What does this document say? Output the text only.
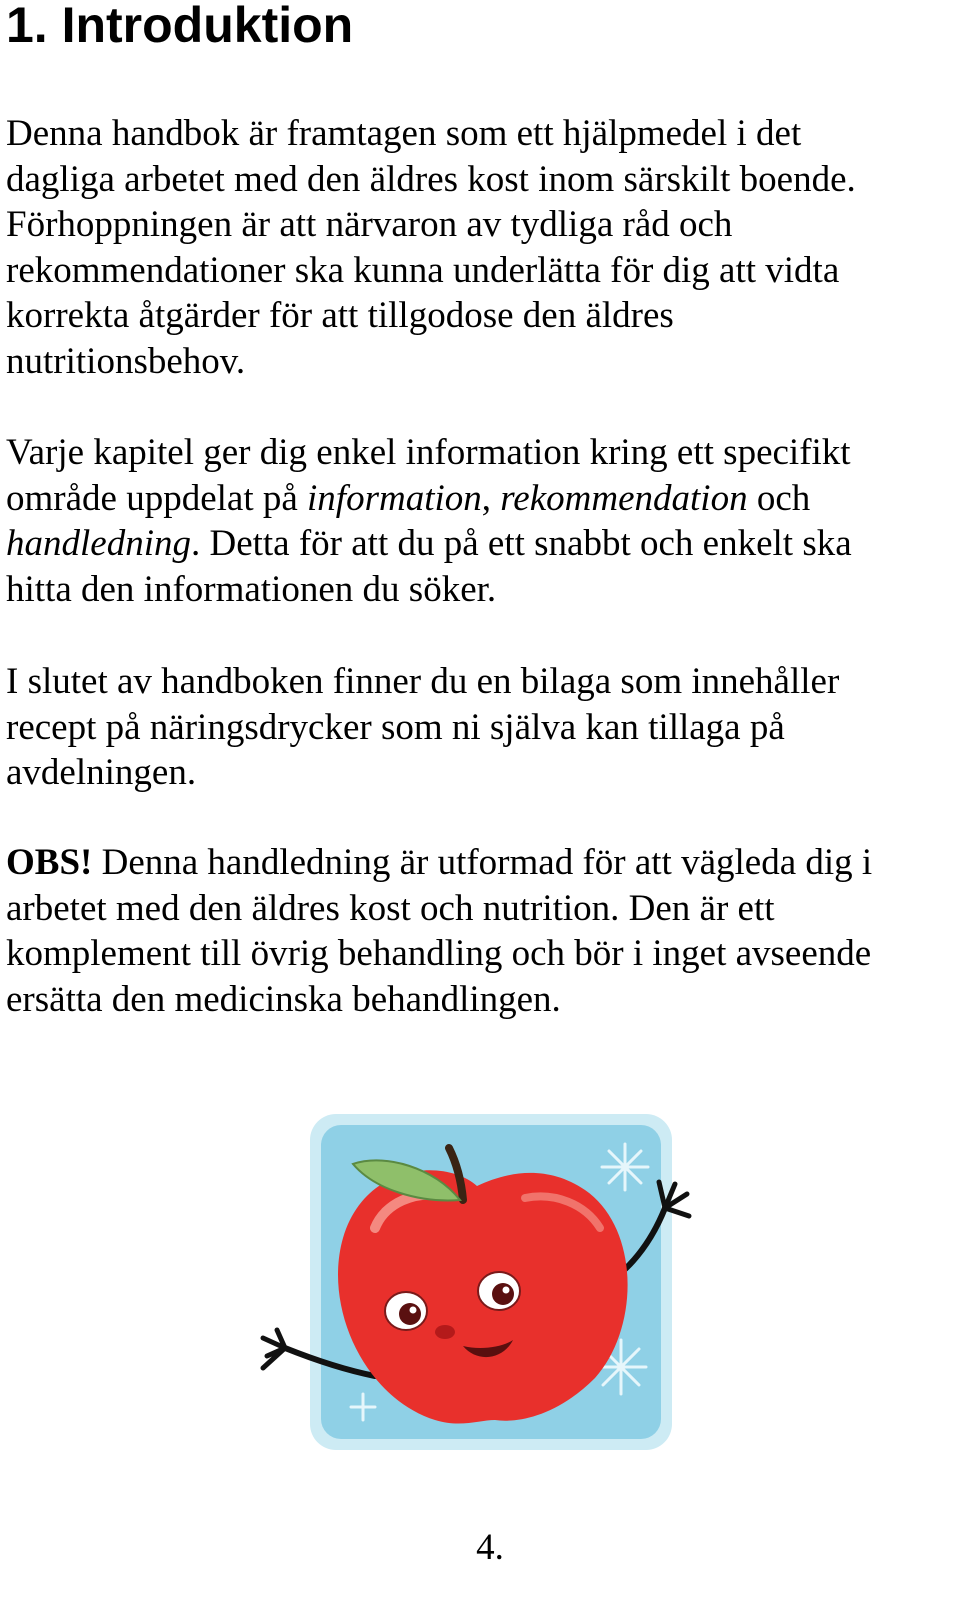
1. Introduktion

Denna handbok är framtagen som ett hjälpmedel i det
dagliga arbetet med den äldres kost inom särskilt boende.
Förhoppningen är att närvaron av tydliga råd och
rekommendationer ska kunna underlätta för dig att vidta
korrekta åtgärder för att tillgodose den äldres
nutritionsbehov.

Varje kapitel ger dig enkel information kring ett specifikt
område uppdelat på information, rekommendation och
handledning. Detta för att du på ett snabbt och enkelt ska
hitta den informationen du söker.

I slutet av handboken finner du en bilaga som innehåller
recept på näringsdrycker som ni själva kan tillaga på
avdelningen.

OBS! Denna handledning är utformad för att vägleda dig i
arbetet med den äldres kost och nutrition. Den är ett
komplement till övrig behandling och bör i inget avseende
ersätta den medicinska behandlingen.

4.
